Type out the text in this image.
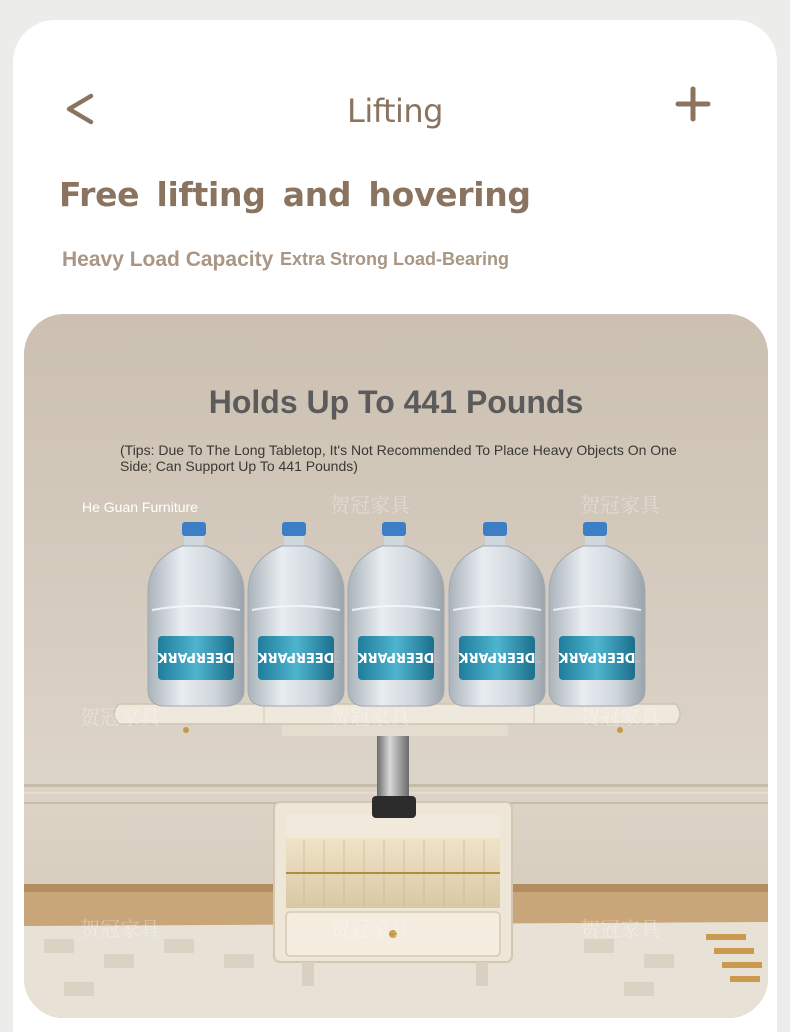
Lifting
Free lifting and hovering
Heavy Load Capacity Extra Strong Load-Bearing
DEERPARK DEERPARK DEERPARK DEERPARK DEERPARK
贺冠家具	贺冠家具
贺冠家具	贺冠家具	贺冠家具
贺冠家具	贺冠家具	贺冠家具
Holds Up To 441 Pounds
(Tips: Due To The Long Tabletop, It's Not Recommended To Place Heavy Objects On One Side; Can Support Up To 441 Pounds)
He Guan Furniture
